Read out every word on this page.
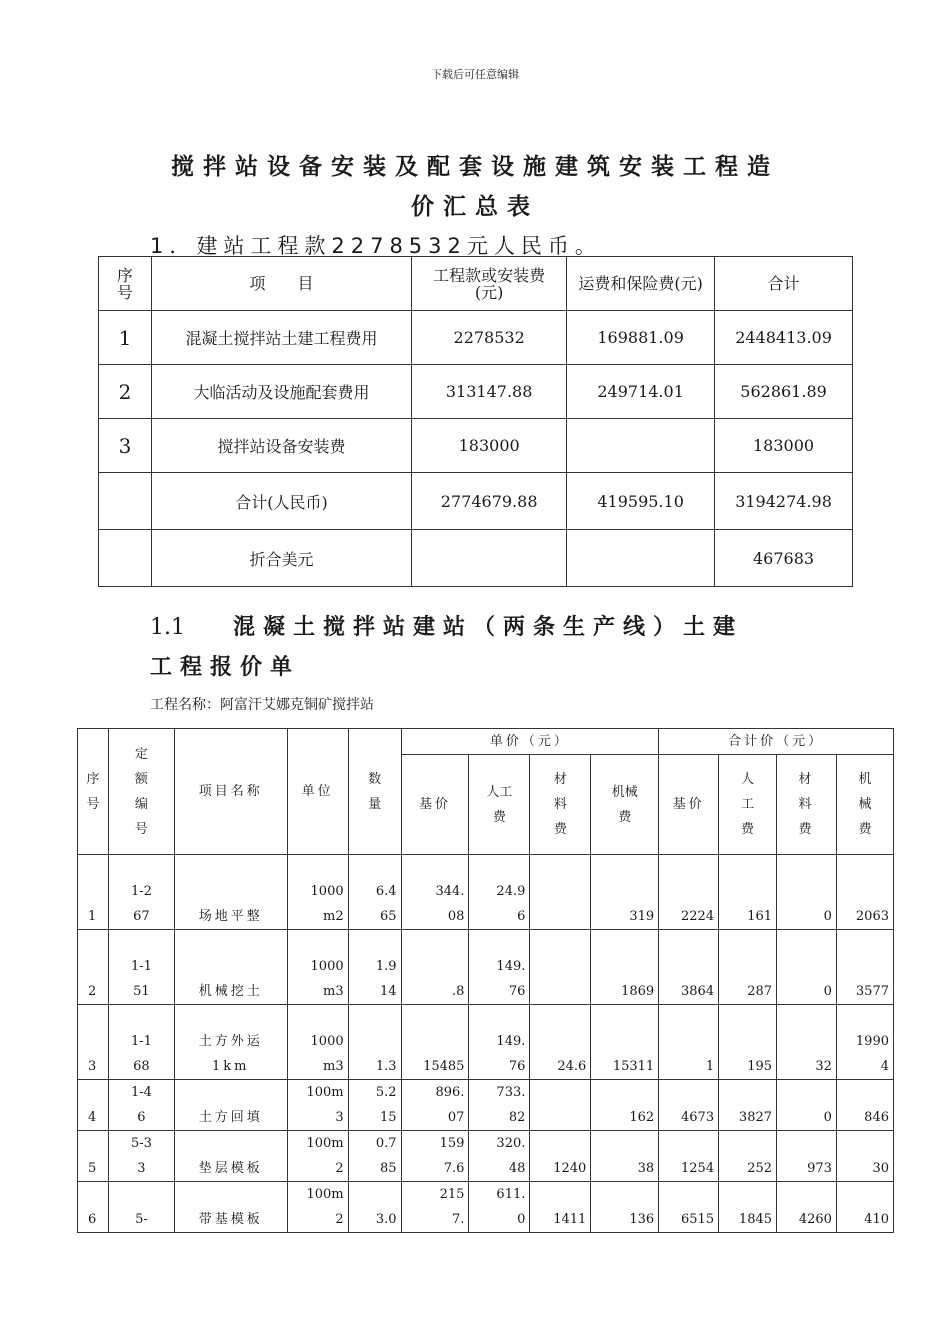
下载后可任意编辑
搅拌站设备安装及配套设施建筑安装工程造
价汇总表
1．建站工程款2278532元人民币。
序号	项　　目	工程款或安装费(元)	运费和保险费(元)	合计
1	混凝土搅拌站土建工程费用	2278532	169881.09	2448413.09
2	大临活动及设施配套费用	313147.88	249714.01	562861.89
3	搅拌站设备安装费	183000		183000
	合计(人民币)	2774679.88	419595.10	3194274.98
	折合美元			467683
1.1 混凝土搅拌站建站（两条生产线）土建
工程报价单
工程名称：阿富汗艾娜克铜矿搅拌站
序号	定额编号	项目名称	单位	数量	单价（元）				合计价（元）			
					基价	人工费	材料费	机械费	基价	人工费	材料费	机械费
1	1-267	场地平整	1000m2	6.465	344.08	24.96		319	2224	161	0	2063
2	1-151	机械挖土	1000m3	1.914	.8	149.76		1869	3864	287	0	3577
3	1-168	土方外运1km	1000m3	1.3	15485	149.76	24.6	15311	1	195	32	19904
4	1-46	土方回填	100m3	5.215	896.07	733.82		162	4673	3827	0	846
5	5-33	垫层模板	100m2	0.785	1597.6	320.48	1240	38	1254	252	973	30
6	5-	带基模板	100m2	3.0	2157.	611.0	1411	136	6515	1845	4260	410
